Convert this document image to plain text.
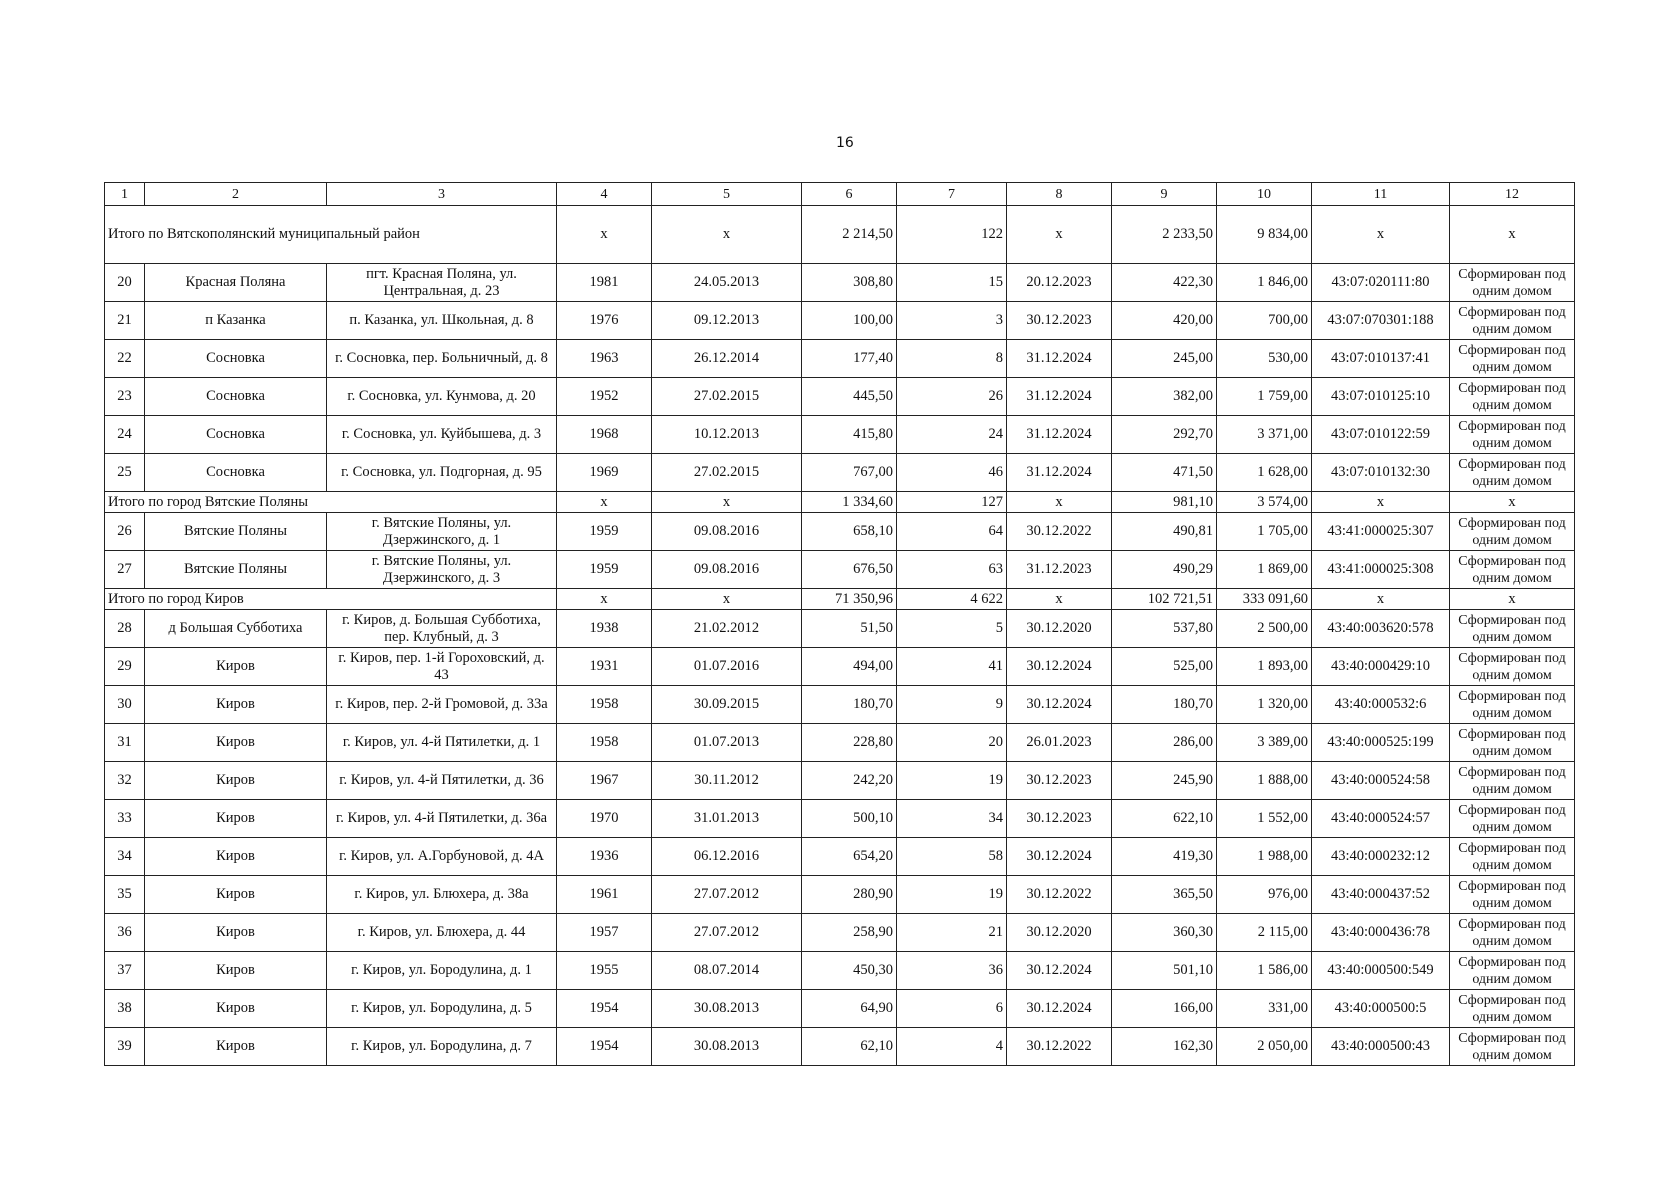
16
1	2	3	4	5	6	7	8	9	10	11	12
Итого по Вятскополянский муниципальный район			х	х	2 214,50	122	х	2 233,50	9 834,00	х	х
20	Красная Поляна	пгт. Красная Поляна, ул. Центральная, д. 23	1981	24.05.2013	308,80	15	20.12.2023	422,30	1 846,00	43:07:020111:80	Сформирован под одним домом
21	п Казанка	п. Казанка, ул. Школьная, д. 8	1976	09.12.2013	100,00	3	30.12.2023	420,00	700,00	43:07:070301:188	Сформирован под одним домом
22	Сосновка	г. Сосновка, пер. Больничный, д. 8	1963	26.12.2014	177,40	8	31.12.2024	245,00	530,00	43:07:010137:41	Сформирован под одним домом
23	Сосновка	г. Сосновка, ул. Кунмова, д. 20	1952	27.02.2015	445,50	26	31.12.2024	382,00	1 759,00	43:07:010125:10	Сформирован под одним домом
24	Сосновка	г. Сосновка, ул. Куйбышева, д. 3	1968	10.12.2013	415,80	24	31.12.2024	292,70	3 371,00	43:07:010122:59	Сформирован под одним домом
25	Сосновка	г. Сосновка, ул. Подгорная, д. 95	1969	27.02.2015	767,00	46	31.12.2024	471,50	1 628,00	43:07:010132:30	Сформирован под одним домом
Итого по город Вятские Поляны			х	х	1 334,60	127	х	981,10	3 574,00	х	х
26	Вятские Поляны	г. Вятские Поляны, ул. Дзержинского, д. 1	1959	09.08.2016	658,10	64	30.12.2022	490,81	1 705,00	43:41:000025:307	Сформирован под одним домом
27	Вятские Поляны	г. Вятские Поляны, ул. Дзержинского, д. 3	1959	09.08.2016	676,50	63	31.12.2023	490,29	1 869,00	43:41:000025:308	Сформирован под одним домом
Итого по город Киров			х	х	71 350,96	4 622	х	102 721,51	333 091,60	х	х
28	д Большая Субботиха	г. Киров, д. Большая Субботиха, пер. Клубный, д. 3	1938	21.02.2012	51,50	5	30.12.2020	537,80	2 500,00	43:40:003620:578	Сформирован под одним домом
29	Киров	г. Киров, пер. 1-й Гороховский, д. 43	1931	01.07.2016	494,00	41	30.12.2024	525,00	1 893,00	43:40:000429:10	Сформирован под одним домом
30	Киров	г. Киров, пер. 2-й Громовой, д. 33а	1958	30.09.2015	180,70	9	30.12.2024	180,70	1 320,00	43:40:000532:6	Сформирован под одним домом
31	Киров	г. Киров, ул. 4-й Пятилетки, д. 1	1958	01.07.2013	228,80	20	26.01.2023	286,00	3 389,00	43:40:000525:199	Сформирован под одним домом
32	Киров	г. Киров, ул. 4-й Пятилетки, д. 36	1967	30.11.2012	242,20	19	30.12.2023	245,90	1 888,00	43:40:000524:58	Сформирован под одним домом
33	Киров	г. Киров, ул. 4-й Пятилетки, д. 36а	1970	31.01.2013	500,10	34	30.12.2023	622,10	1 552,00	43:40:000524:57	Сформирован под одним домом
34	Киров	г. Киров, ул. А.Горбуновой, д. 4А	1936	06.12.2016	654,20	58	30.12.2024	419,30	1 988,00	43:40:000232:12	Сформирован под одним домом
35	Киров	г. Киров, ул. Блюхера, д. 38а	1961	27.07.2012	280,90	19	30.12.2022	365,50	976,00	43:40:000437:52	Сформирован под одним домом
36	Киров	г. Киров, ул. Блюхера, д. 44	1957	27.07.2012	258,90	21	30.12.2020	360,30	2 115,00	43:40:000436:78	Сформирован под одним домом
37	Киров	г. Киров, ул. Бородулина, д. 1	1955	08.07.2014	450,30	36	30.12.2024	501,10	1 586,00	43:40:000500:549	Сформирован под одним домом
38	Киров	г. Киров, ул. Бородулина, д. 5	1954	30.08.2013	64,90	6	30.12.2024	166,00	331,00	43:40:000500:5	Сформирован под одним домом
39	Киров	г. Киров, ул. Бородулина, д. 7	1954	30.08.2013	62,10	4	30.12.2022	162,30	2 050,00	43:40:000500:43	Сформирован под одним домом
